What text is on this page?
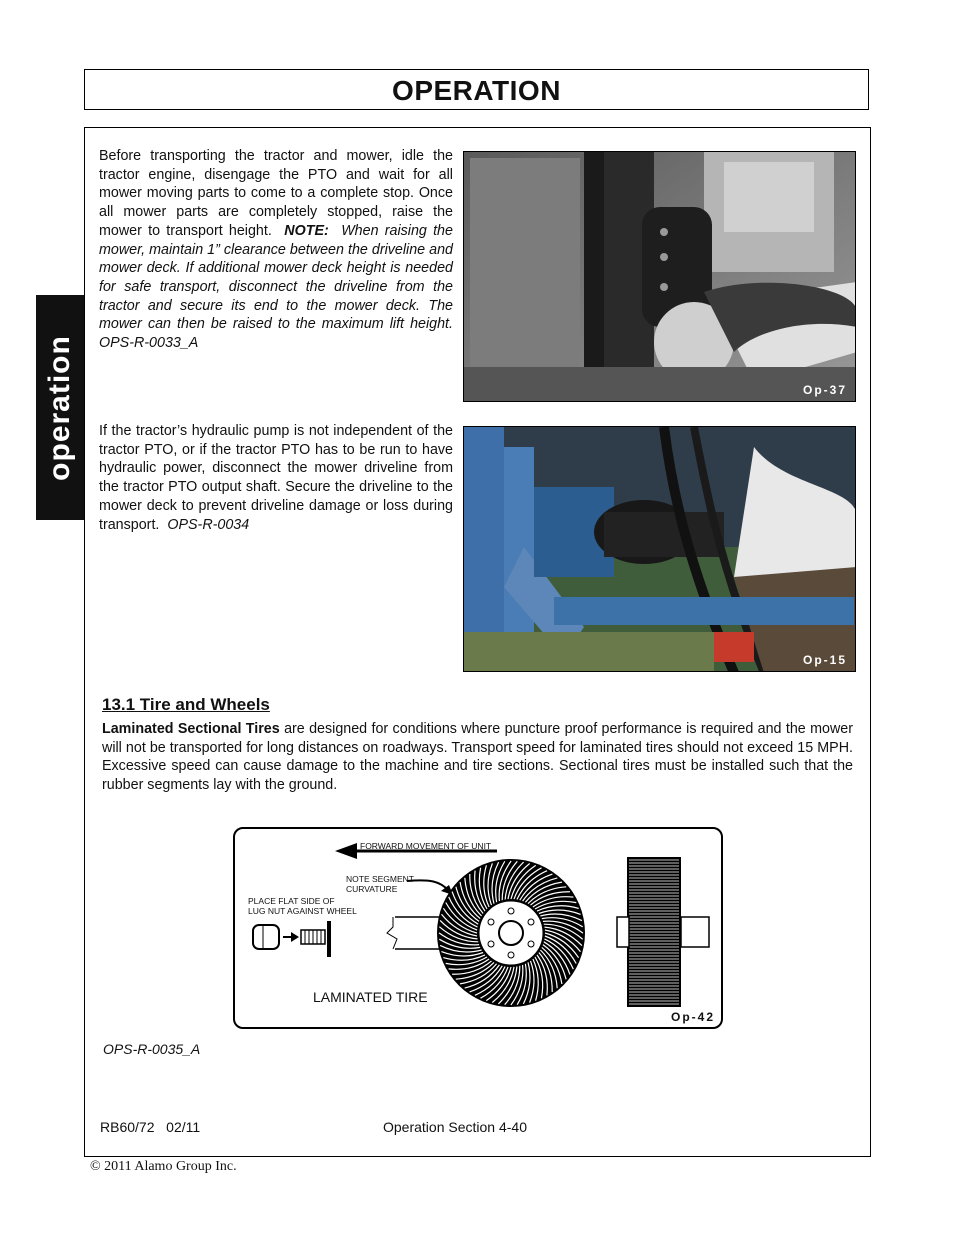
OPERATION
operation

Before transporting the tractor and mower, idle the tractor engine, disengage the PTO and wait for all mower moving parts to come to a complete stop. Once all mower parts are completely stopped, raise the mower to transport height. NOTE: When raising the mower, maintain 1” clearance between the driveline and mower deck. If additional mower deck height is needed for safe transport, disconnect the driveline from the tractor and secure its end to the mower deck. The mower can then be raised to the maximum lift height. OPS-R-0033_A

Op-37

If the tractor’s hydraulic pump is not independent of the tractor PTO, or if the tractor PTO has to be run to have hydraulic power, disconnect the mower driveline from the tractor PTO output shaft. Secure the driveline to the mower deck to prevent driveline damage or loss during transport. OPS-R-0034

Op-15
13.1 Tire and Wheels

Laminated Sectional Tires are designed for conditions where puncture proof performance is required and the mower will not be transported for long distances on roadways. Transport speed for laminated tires should not exceed 15 MPH. Excessive speed can cause damage to the machine and tire sections. Sectional tires must be installed such that the rubber segments lay with the ground.

FORWARD MOVEMENT OF UNIT
NOTE SEGMENT
CURVATURE
PLACE FLAT SIDE OF
LUG NUT AGAINST WHEEL
LAMINATED TIRE
Op-42
OPS-R-0035_A
RB60/72 02/11	Operation Section 4-40
© 2011 Alamo Group Inc.
